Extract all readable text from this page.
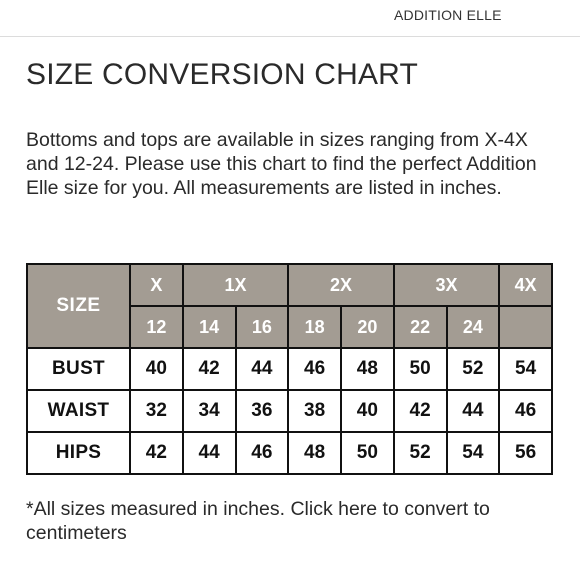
ADDITION ELLE
SIZE CONVERSION CHART

Bottoms and tops are available in sizes ranging from X-4X and 12-24. Please use this chart to find the perfect Addition Elle size for you. All measurements are listed in inches.

SIZE	X	1X		2X		3X		4X
	12	14	16	18	20	22	24	
BUST	40	42	44	46	48	50	52	54
WAIST	32	34	36	38	40	42	44	46
HIPS	42	44	46	48	50	52	54	56

*All sizes measured in inches. Click here to convert to centimeters
